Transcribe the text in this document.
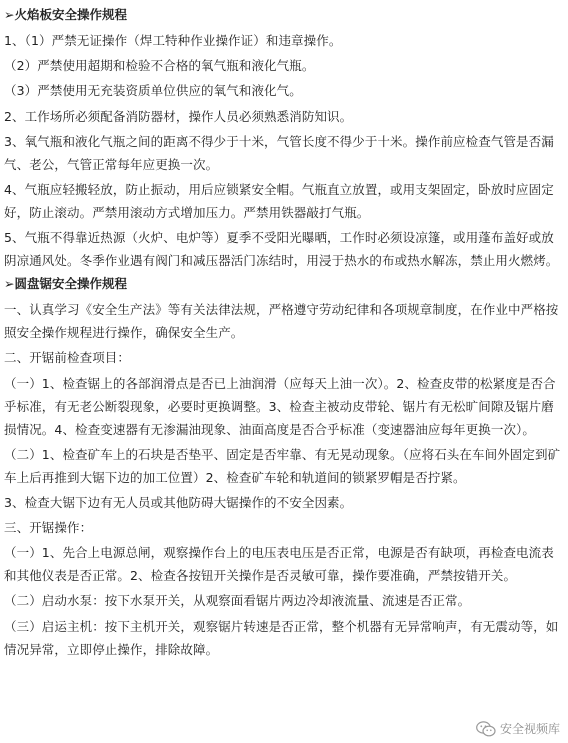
➢火焰板安全操作规程

1、（1）严禁无证操作（焊工特种作业操作证）和违章操作。

（2）严禁使用超期和检验不合格的氧气瓶和液化气瓶。

（3）严禁使用无充装资质单位供应的氧气和液化气。

2、工作场所必须配备消防器材，操作人员必须熟悉消防知识。

3、氧气瓶和液化气瓶之间的距离不得少于十米，气管长度不得少于十米。操作前应检查气管是否漏气、老公，气管正常每年应更换一次。

4、气瓶应轻搬轻放，防止振动，用后应锁紧安全帽。气瓶直立放置，或用支架固定，卧放时应固定好，防止滚动。严禁用滚动方式增加压力。严禁用铁器敲打气瓶。

5、气瓶不得靠近热源（火炉、电炉等）夏季不受阳光曝晒，工作时必须设凉篷，或用蓬布盖好或放阴凉通风处。冬季作业遇有阀门和减压器活门冻结时，用浸于热水的布或热水解冻，禁止用火燃烤。

➢圆盘锯安全操作规程

一、认真学习《安全生产法》等有关法律法规，严格遵守劳动纪律和各项规章制度，在作业中严格按照安全操作规程进行操作，确保安全生产。

二、开锯前检查项目：

（一）1、检查锯上的各部润滑点是否已上油润滑（应每天上油一次）。2、检查皮带的松紧度是否合乎标准，有无老公断裂现象，必要时更换调整。3、检查主被动皮带轮、锯片有无松旷间隙及锯片磨损情况。4、检查变速器有无渗漏油现象、油面高度是否合乎标准（变速器油应每年更换一次）。

（二）1、检查矿车上的石块是否垫平、固定是否牢靠、有无晃动现象。（应将石头在车间外固定到矿车上后再推到大锯下边的加工位置）2、检查矿车轮和轨道间的锁紧罗帽是否拧紧。

3、检查大锯下边有无人员或其他防碍大锯操作的不安全因素。

三、开锯操作：

（一）1、先合上电源总闸，观察操作台上的电压表电压是否正常，电源是否有缺项，再检查电流表和其他仪表是否正常。2、检查各按钮开关操作是否灵敏可靠，操作要准确，严禁按错开关。

（二）启动水泵：按下水泵开关，从观察面看锯片两边冷却液流量、流速是否正常。

（三）启运主机：按下主机开关，观察锯片转速是否正常，整个机器有无异常响声，有无震动等，如情况异常，立即停止操作，排除故障。

安全视频库
